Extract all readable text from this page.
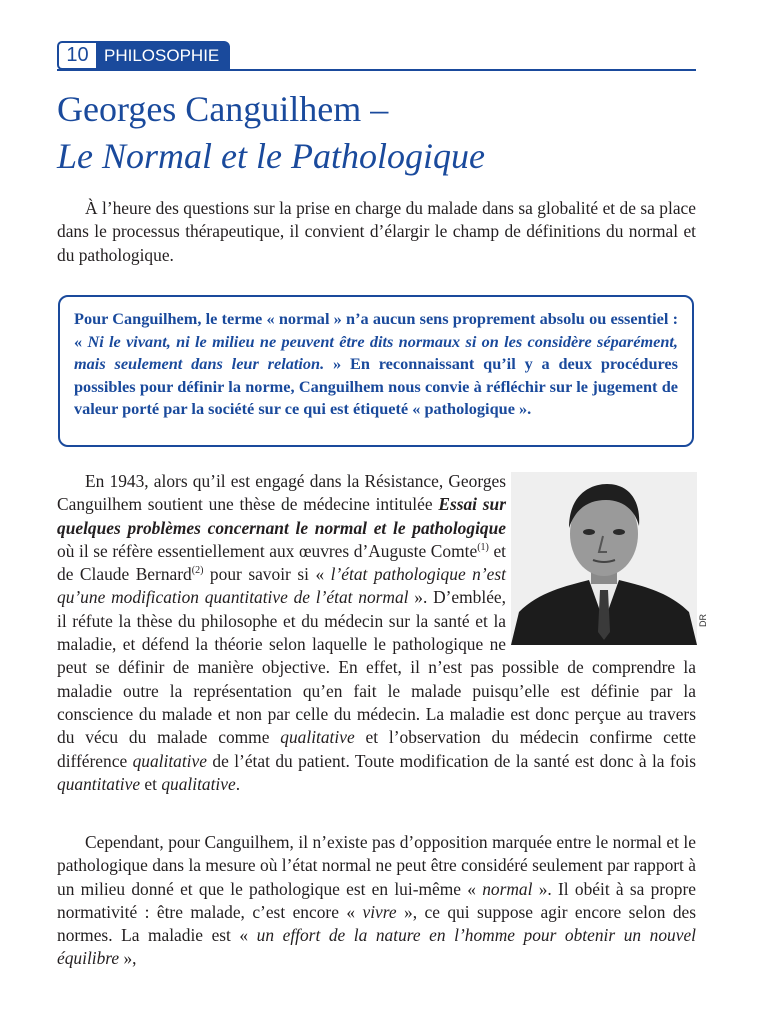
10 PHILOSOPHIE
Georges Canguilhem –
Le Normal et le Pathologique

À l’heure des questions sur la prise en charge du malade dans sa globalité et de sa place dans le processus thérapeutique, il convient d’élargir le champ de définitions du normal et du pathologique.

Pour Canguilhem, le terme « normal » n’a aucun sens proprement absolu ou essentiel : « Ni le vivant, ni le milieu ne peuvent être dits normaux si on les considère séparément, mais seulement dans leur relation. » En reconnaissant qu’il y a deux procédures possibles pour définir la norme, Canguilhem nous convie à réfléchir sur le jugement de valeur porté par la société sur ce qui est étiqueté « pathologique ».

DR
En 1943, alors qu’il est engagé dans la Résistance, Georges Canguilhem soutient une thèse de médecine intitulée Essai sur quelques problèmes concernant le normal et le pathologique où il se réfère essentiellement aux œuvres d’Auguste Comte$^{(1)}$ et de Claude Bernard$^{(2)}$ pour savoir si « l’état pathologique n’est qu’une modification quantitative de l’état normal ». D’emblée, il réfute la thèse du philosophe et du médecin sur la santé et la maladie, et défend la théorie selon laquelle le pathologique ne peut se définir de manière objective. En effet, il n’est pas possible de comprendre la maladie outre la représentation qu’en fait le malade puisqu’elle est définie par la conscience du malade et non par celle du médecin. La maladie est donc perçue au travers du vécu du malade comme qualitative et l’observation du médecin confirme cette différence qualitative de l’état du patient. Toute modification de la santé est donc à la fois quantitative et qualitative.

Cependant, pour Canguilhem, il n’existe pas d’opposition marquée entre le normal et le pathologique dans la mesure où l’état normal ne peut être considéré seulement par rapport à un milieu donné et que le pathologique est en lui-même « normal ». Il obéit à sa propre normativité : être malade, c’est encore « vivre », ce qui suppose agir encore selon des normes. La maladie est « un effort de la nature en l’homme pour obtenir un nouvel équilibre »,
